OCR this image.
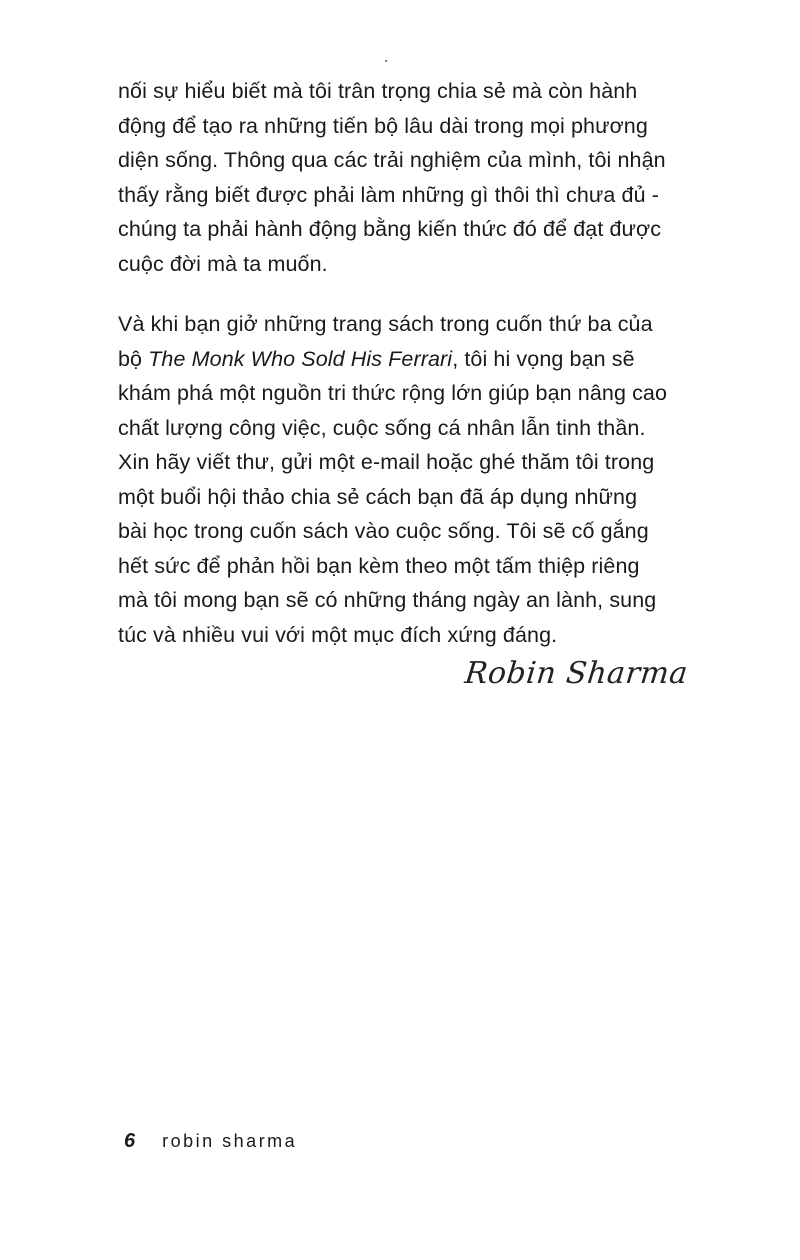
nối sự hiểu biết mà tôi trân trọng chia sẻ mà còn hành
động để tạo ra những tiến bộ lâu dài trong mọi phương
diện sống. Thông qua các trải nghiệm của mình, tôi nhận
thấy rằng biết được phải làm những gì thôi thì chưa đủ -
chúng ta phải hành động bằng kiến thức đó để đạt được
cuộc đời mà ta muốn.

Và khi bạn giở những trang sách trong cuốn thứ ba của
bộ The Monk Who Sold His Ferrari, tôi hi vọng bạn sẽ
khám phá một nguồn tri thức rộng lớn giúp bạn nâng cao
chất lượng công việc, cuộc sống cá nhân lẫn tinh thần.
Xin hãy viết thư, gửi một e-mail hoặc ghé thăm tôi trong
một buổi hội thảo chia sẻ cách bạn đã áp dụng những
bài học trong cuốn sách vào cuộc sống. Tôi sẽ cố gắng
hết sức để phản hồi bạn kèm theo một tấm thiệp riêng
mà tôi mong bạn sẽ có những tháng ngày an lành, sung
túc và nhiều vui với một mục đích xứng đáng.

Robin Sharma
6 robin sharma
